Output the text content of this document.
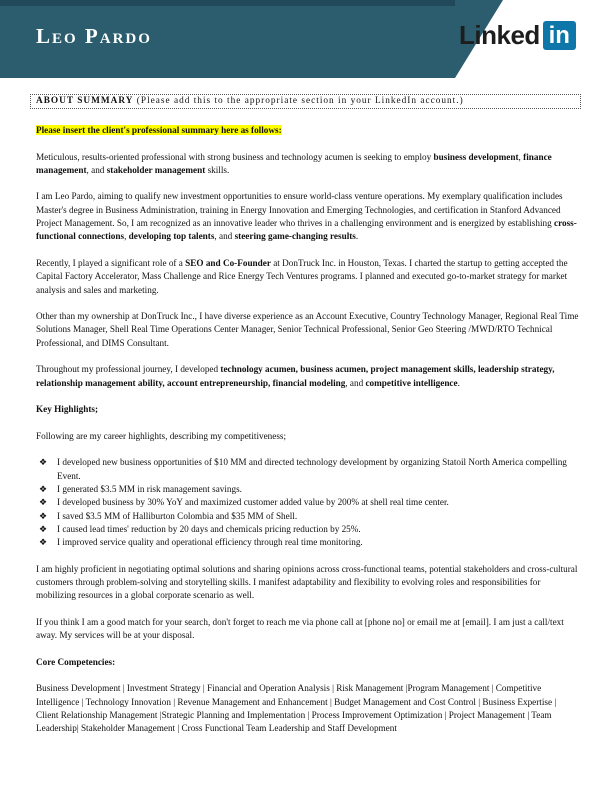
Leo Pardo	Linked in
ABOUT SUMMARY (Please add this to the appropriate section in your LinkedIn account.)

Please insert the client's professional summary here as follows:

Meticulous, results-oriented professional with strong business and technology acumen is seeking to employ business development, finance management, and stakeholder management skills.

I am Leo Pardo, aiming to qualify new investment opportunities to ensure world-class venture operations. My exemplary qualification includes Master's degree in Business Administration, training in Energy Innovation and Emerging Technologies, and certification in Stanford Advanced Project Management. So, I am recognized as an innovative leader who thrives in a challenging environment and is energized by establishing cross-functional connections, developing top talents, and steering game-changing results.

Recently, I played a significant role of a SEO and Co-Founder at DonTruck Inc. in Houston, Texas. I charted the startup to getting accepted the Capital Factory Accelerator, Mass Challenge and Rice Energy Tech Ventures programs. I planned and executed go-to-market strategy for market analysis and sales and marketing.

Other than my ownership at DonTruck Inc., I have diverse experience as an Account Executive, Country Technology Manager, Regional Real Time Solutions Manager, Shell Real Time Operations Center Manager, Senior Technical Professional, Senior Geo Steering /MWD/RTO Technical Professional, and DIMS Consultant.

Throughout my professional journey, I developed technology acumen, business acumen, project management skills, leadership strategy, relationship management ability, account entrepreneurship, financial modeling, and competitive intelligence.

Key Highlights;

Following are my career highlights, describing my competitiveness;

❖ I developed new business opportunities of $10 MM and directed technology development by organizing Statoil North America compelling Event.
❖ I generated $3.5 MM in risk management savings.
❖ I developed business by 30% YoY and maximized customer added value by 200% at shell real time center.
❖ I saved $3.5 MM of Halliburton Colombia and $35 MM of Shell.
❖ I caused lead times' reduction by 20 days and chemicals pricing reduction by 25%.
❖ I improved service quality and operational efficiency through real time monitoring.

I am highly proficient in negotiating optimal solutions and sharing opinions across cross-functional teams, potential stakeholders and cross-cultural customers through problem-solving and storytelling skills. I manifest adaptability and flexibility to evolving roles and responsibilities for mobilizing resources in a global corporate scenario as well.

If you think I am a good match for your search, don't forget to reach me via phone call at [phone no] or email me at [email]. I am just a call/text away. My services will be at your disposal.

Core Competencies:

Business Development | Investment Strategy | Financial and Operation Analysis | Risk Management |Program Management | Competitive Intelligence | Technology Innovation | Revenue Management and Enhancement | Budget Management and Cost Control | Business Expertise | Client Relationship Management |Strategic Planning and Implementation | Process Improvement Optimization | Project Management | Team Leadership| Stakeholder Management | Cross Functional Team Leadership and Staff Development
